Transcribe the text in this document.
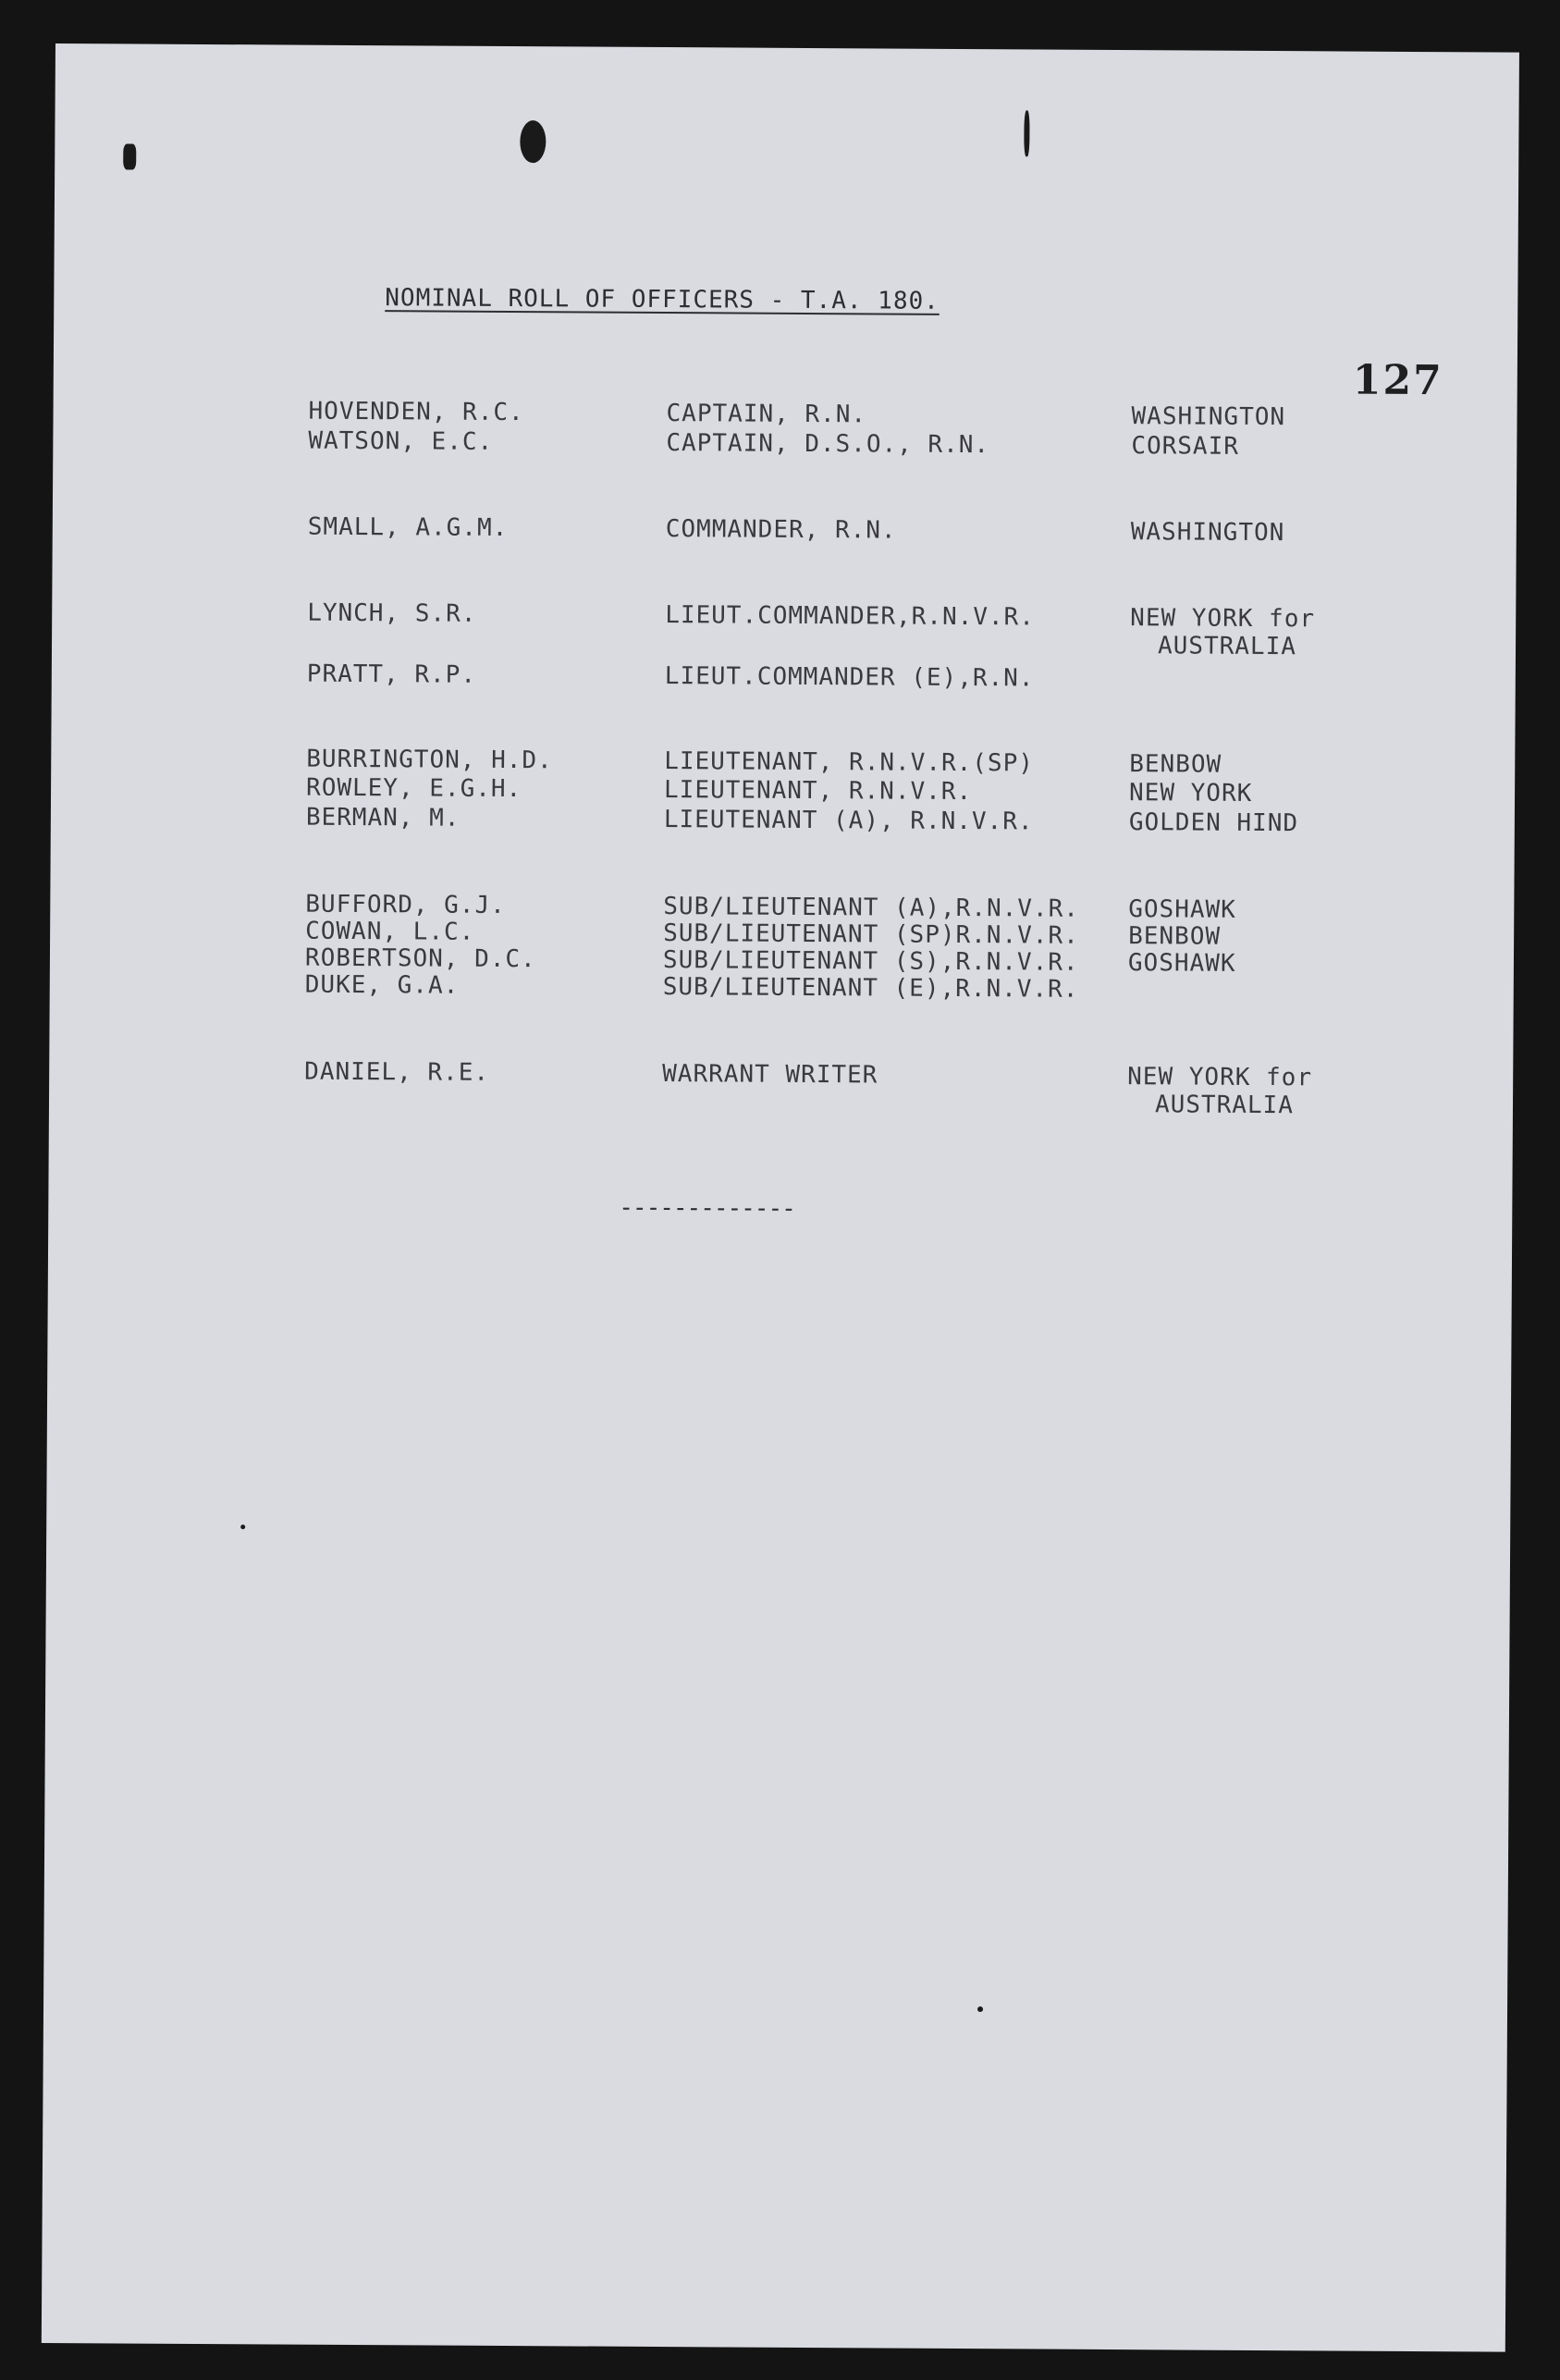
NOMINAL ROLL OF OFFICERS - T.A. 180.
127
HOVENDEN, R.C.	CAPTAIN, R.N.	WASHINGTON
WATSON, E.C.	CAPTAIN, D.S.O., R.N.	CORSAIR
SMALL, A.G.M.	COMMANDER, R.N.	WASHINGTON
LYNCH, S.R.	LIEUT.COMMANDER,R.N.V.R.	NEW YORK for
AUSTRALIA
PRATT, R.P.	LIEUT.COMMANDER (E),R.N.
BURRINGTON, H.D.	LIEUTENANT, R.N.V.R.(SP)	BENBOW
ROWLEY, E.G.H.	LIEUTENANT, R.N.V.R.	NEW YORK
BERMAN, M.	LIEUTENANT (A), R.N.V.R.	GOLDEN HIND
BUFFORD, G.J.	SUB/LIEUTENANT (A),R.N.V.R. GOSHAWK
COWAN, L.C.	SUB/LIEUTENANT (SP)R.N.V.R. BENBOW
ROBERTSON, D.C.	SUB/LIEUTENANT (S),R.N.V.R. GOSHAWK
DUKE, G.A.	SUB/LIEUTENANT (E),R.N.V.R.
DANIEL, R.E.	WARRANT WRITER	NEW YORK for
AUSTRALIA
-------------
